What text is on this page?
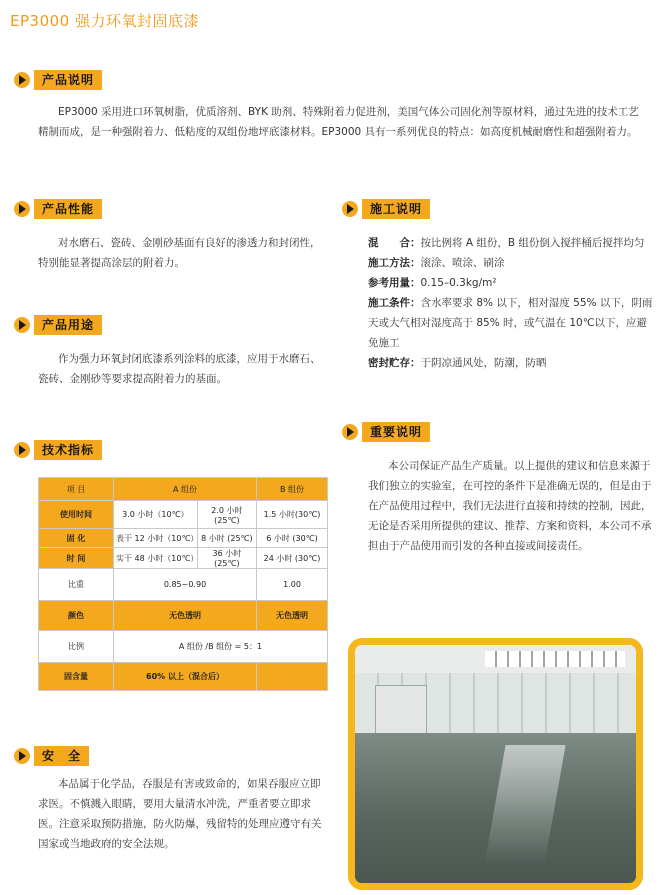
EP3000 强力环氧封固底漆
产品说明

EP3000 采用进口环氧树脂，优质溶剂、BYK 助剂、特殊附着力促进剂，美国气体公司固化剂等原材料，通过先进的技术工艺精制而成，是一种强附着力、低粘度的双组份地坪底漆材料。EP3000 具有一系列优良的特点：如高度机械耐磨性和超强附着力。

产品性能

对水磨石、瓷砖、金刚砂基面有良好的渗透力和封闭性，特别能显著提高涂层的附着力。

产品用途

作为强力环氧封闭底漆系列涂料的底漆，应用于水磨石、瓷砖、金刚砂等要求提高附着力的基面。

技术指标
项 目	A 组份		B 组份
使用时间	3.0 小时（10℃）	2.0 小时(25℃)	1.5 小时(30℃)
固 化	表干 12 小时（10℃）	8 小时 (25℃)	6 小时 (30℃)
时 间	实干 48 小时（10℃）	36 小时 (25℃)	24 小时 (30℃)
比重	0.85~0.90		1.00
颜色	无色透明		无色透明
比例	A 组份 /B 组份 = 5：1		
固含量	60% 以上（混合后）		
安　全

本品属于化学品，吞服是有害或致命的，如果吞服应立即求医。不慎溅入眼睛，要用大量清水冲洗，严重者要立即求医。注意采取预防措施，防火防爆，残留特的处理应遵守有关国家或当地政府的安全法规。

施工说明
混　　合：按比例将 A 组份，B 组份倒入搅拌桶后搅拌均匀
施工方法：滚涂、喷涂、刷涂
参考用量：0.15–0.3kg/m²
施工条件：含水率要求 8% 以下，相对湿度 55% 以下，阴雨天或大气相对湿度高于 85% 时，或气温在 10℃以下，应避免施工
密封贮存：于阴凉通风处，防潮，防晒
重要说明

本公司保证产品生产质量。以上提供的建议和信息来源于我们独立的实验室，在可控的条件下是准确无误的，但是由于在产品使用过程中，我们无法进行直接和持续的控制，因此，无论是否采用所提供的建议、推荐、方案和资料，本公司不承担由于产品使用而引发的各种直接或间接责任。
